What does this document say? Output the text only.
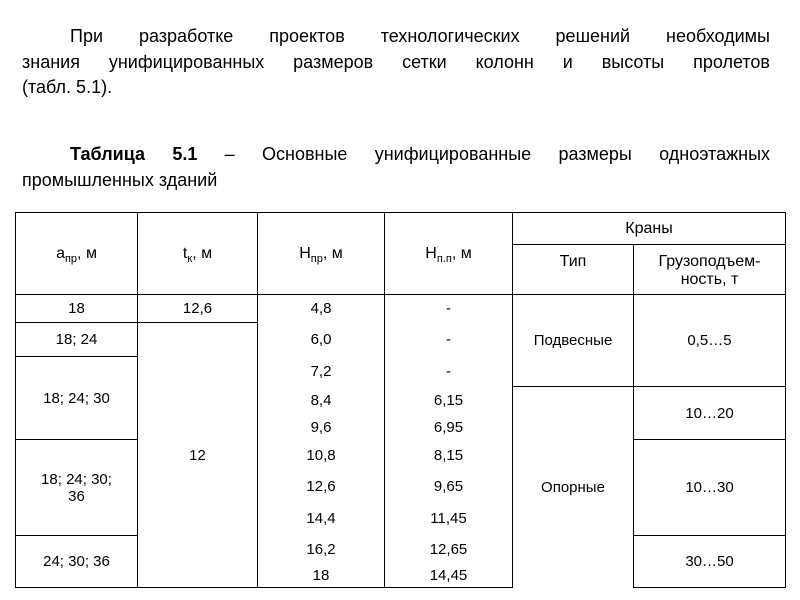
При разработке проектов технологических решений необходимы
знания унифицированных размеров сетки колонн и высоты пролетов
(табл. 5.1).
Таблица 5.1 – Основные унифицированные размеры одноэтажных
промышленных зданий
$а_{пр}$, м	$t_к$, м	$Н_{пр}$, м	$Н_{п.п}$, м	Краны	
				Тип	Грузоподъем-
ность, т

18	12,6	4,8	-	Подвесные	0,5…5
18; 24	12	6,0	-		
18; 24; 30		7,2	-		
		8,4	6,15	Опорные	10…20
		9,6	6,95		

18; 24; 30;
36		10,8	8,15		10…30
		12,6	9,65		
		14,4	11,45		
24; 30; 36		16,2	12,65		30…50
		18	14,45		
